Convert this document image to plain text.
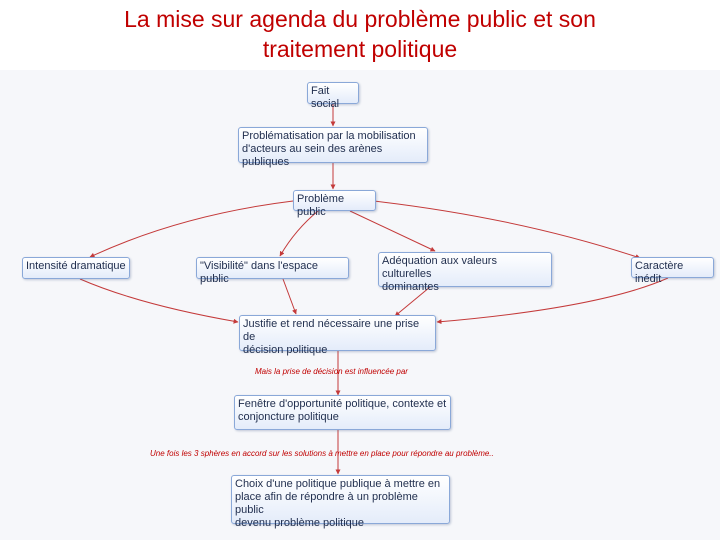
La mise sur agenda du problème public et son
traitement politique
Fait social
Problématisation par la mobilisation
d'acteurs au sein des arènes publiques
Problème public
Intensité dramatique	"Visibilité" dans l'espace public
Adéquation aux valeurs culturelles
dominantes
Caractère inédit
Justifie et rend nécessaire une prise de
décision politique
Mais la prise de décision est influencée par
Fenêtre d'opportunité politique, contexte et
conjoncture politique
Une fois les 3 sphères en accord sur les solutions à mettre en place pour répondre au problème..
Choix d'une politique publique à mettre en
place afin de répondre à un problème public
devenu problème politique
